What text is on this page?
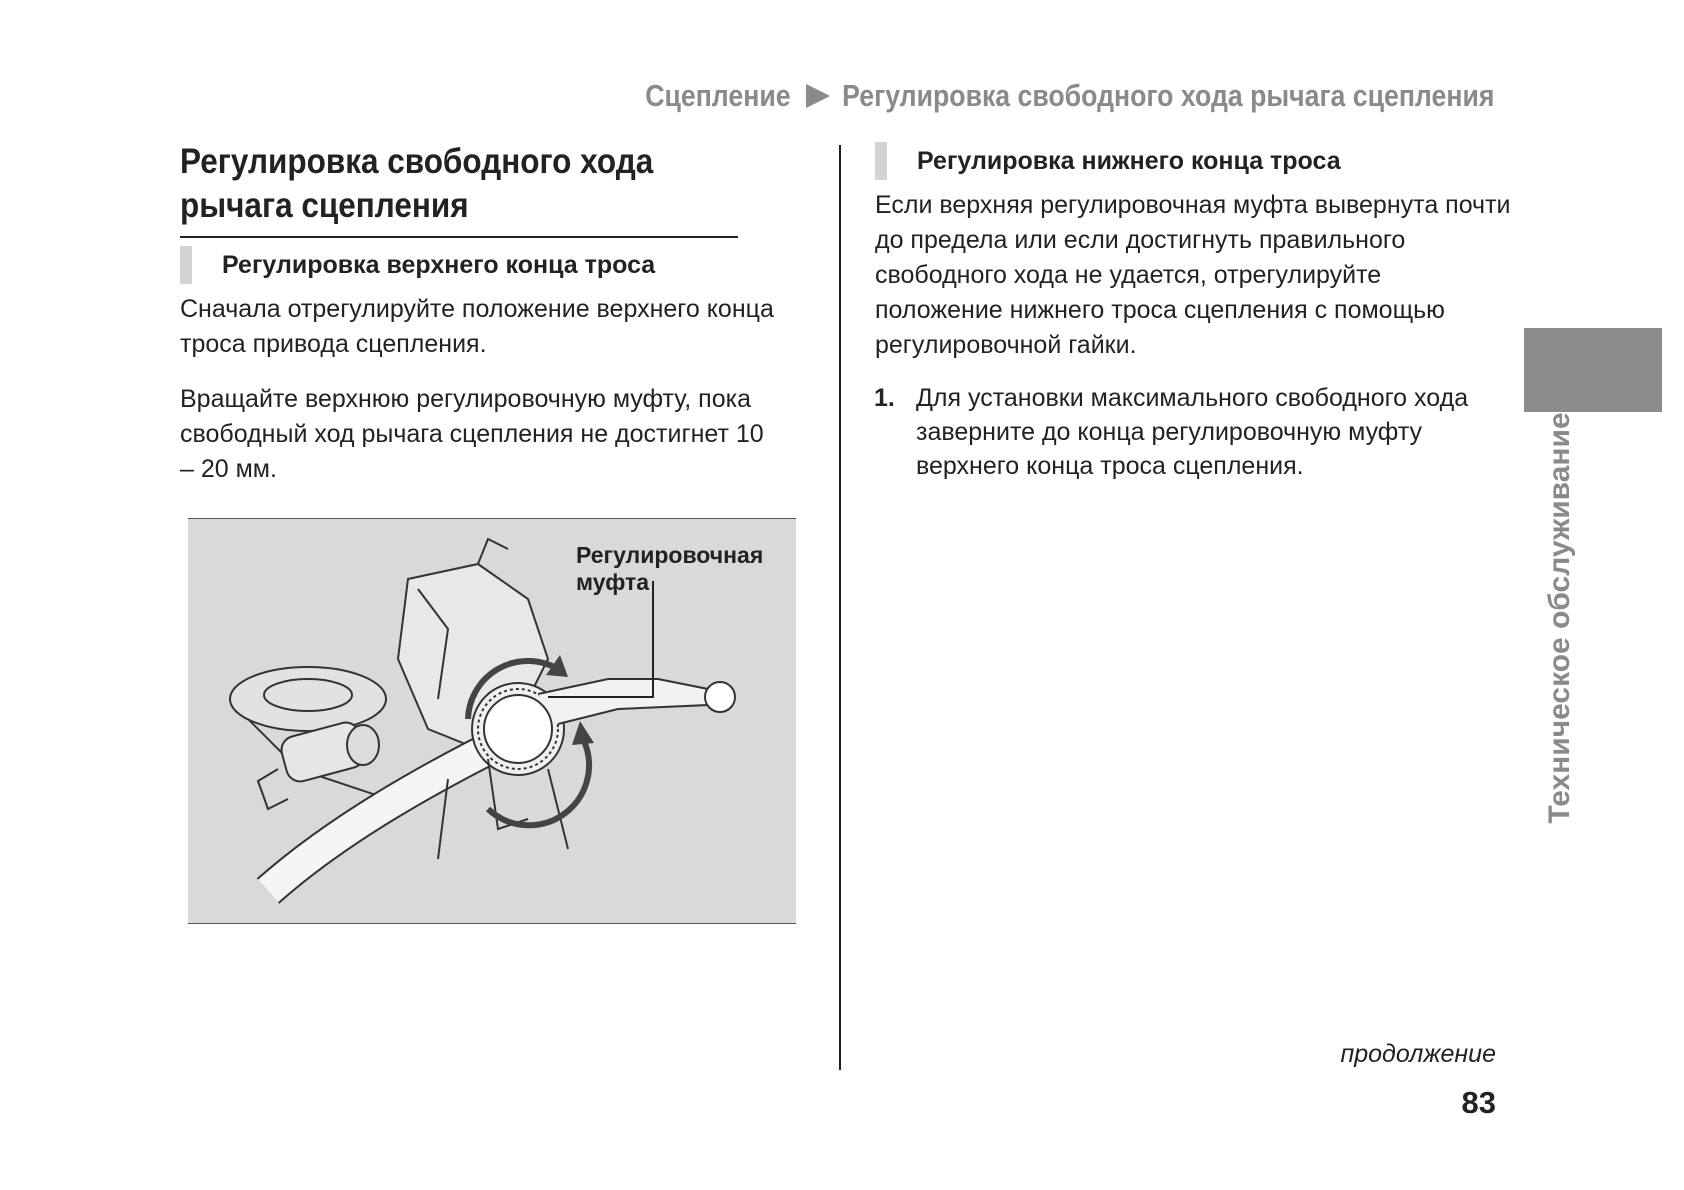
Сцепление Регулировка свободного хода рычага сцепления
Регулировка свободного хода рычага сцепления
Регулировка верхнего конца троса
Сначала отрегулируйте положение верхнего конца троса привода сцепления.
Вращайте верхнюю регулировочную муфту, пока свободный ход рычага сцепления не достигнет 10 – 20 мм.
Регулировочная
муфта
Регулировка нижнего конца троса
Если верхняя регулировочная муфта вывернута почти до предела или если достигнуть правильного свободного хода не удается, отрегулируйте положение нижнего троса сцепления с помощью регулировочной гайки.
1. Для установки максимального свободного хода заверните до конца регулировочную муфту верхнего конца троса сцепления.	Техническое обслуживание
продолжение
83
